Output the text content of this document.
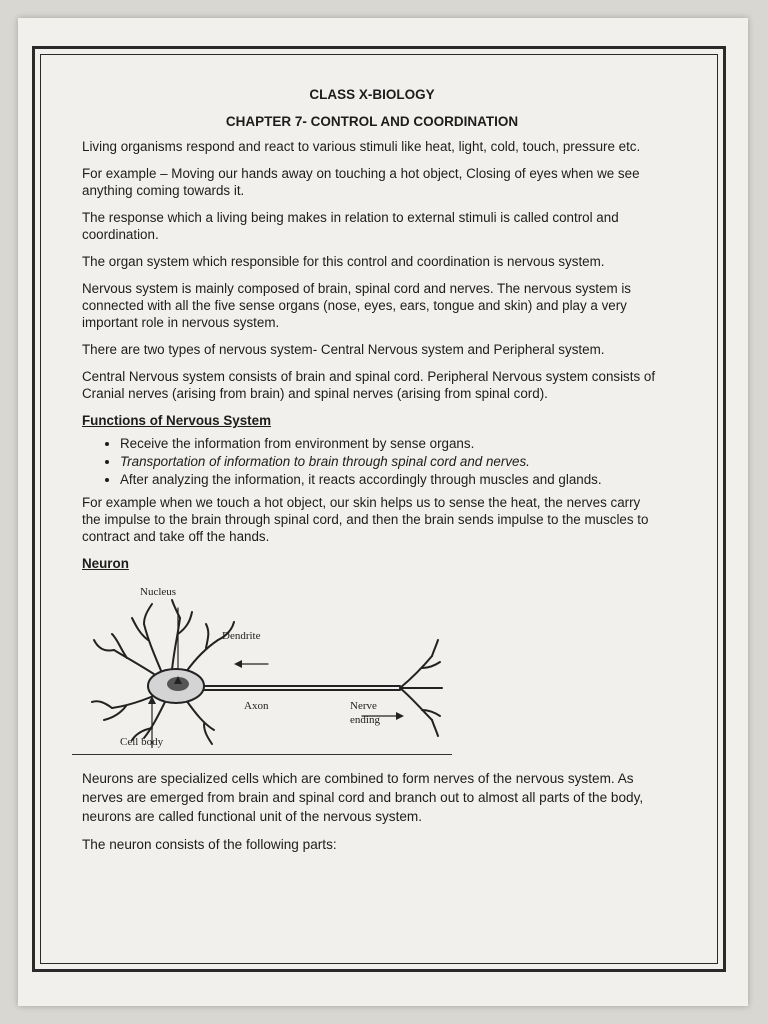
CLASS X-BIOLOGY
CHAPTER 7- CONTROL AND COORDINATION

Living organisms respond and react to various stimuli like heat, light, cold, touch, pressure etc.

For example – Moving our hands away on touching a hot object, Closing of eyes when we see anything coming towards it.

The response which a living being makes in relation to external stimuli is called control and coordination.

The organ system which responsible for this control and coordination is nervous system.

Nervous system is mainly composed of brain, spinal cord and nerves. The nervous system is connected with all the five sense organs (nose, eyes, ears, tongue and skin) and play a very important role in nervous system.

There are two types of nervous system- Central Nervous system and Peripheral system.

Central Nervous system consists of brain and spinal cord. Peripheral Nervous system consists of Cranial nerves (arising from brain) and spinal nerves (arising from spinal cord).

Functions of Nervous System
• Receive the information from environment by sense organs.
• Transportation of information to brain through spinal cord and nerves.
• After analyzing the information, it reacts accordingly through muscles and glands.

For example when we touch a hot object, our skin helps us to sense the heat, the nerves carry the impulse to the brain through spinal cord, and then the brain sends impulse to the muscles to contract and take off the hands.

Neuron
Nucleus
Dendrite
Axon	Nerve
ending
Cell body

Neurons are specialized cells which are combined to form nerves of the nervous system. As nerves are emerged from brain and spinal cord and branch out to almost all parts of the body, neurons are called functional unit of the nervous system.

The neuron consists of the following parts:
